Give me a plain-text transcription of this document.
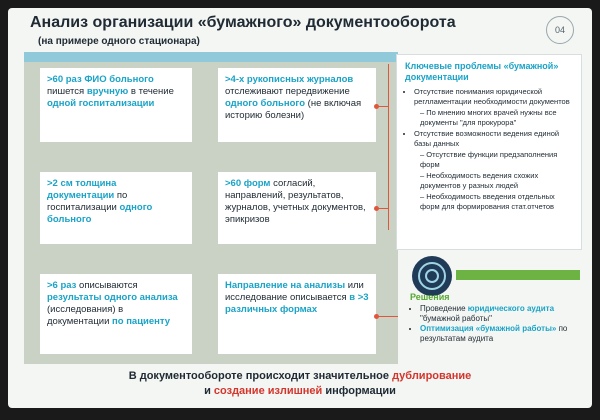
Анализ организации «бумажного» документооборота
(на примере одного стационара)
04
>60 раз ФИО больного пишется вручную в течение одной госпитализации
>4-х рукописных журналов отслеживают передвижение одного больного (не включая историю болезни)
>2 см толщина документации по госпитализации одного больного
>60 форм согласий, направлений, результатов, журналов, учетных документов, эпикризов
>6 раз описываются результаты одного анализа (исследования) в документации по пациенту
Направление на анализы или исследование описывается в >3 различных формах
Ключевые проблемы «бумажной» документации
• Отсутствие понимания юридической реглламентации необходимости документов
– По мнению многих врачей нужны все документы "для прокурора"
• Отсутствие возможности ведения единой базы данных
– Отсутствие функции предзаполнения форм
– Необходимость ведения схожих документов у разных людей
– Необходимость введения отдельных форм для формирования стат.отчетов
Решения
• Проведение юридического аудита "бумажной работы"
• Оптимизация «бумажной работы» по результатам аудита
В документообороте происходит значительное дублирование
и создание излишней информации
